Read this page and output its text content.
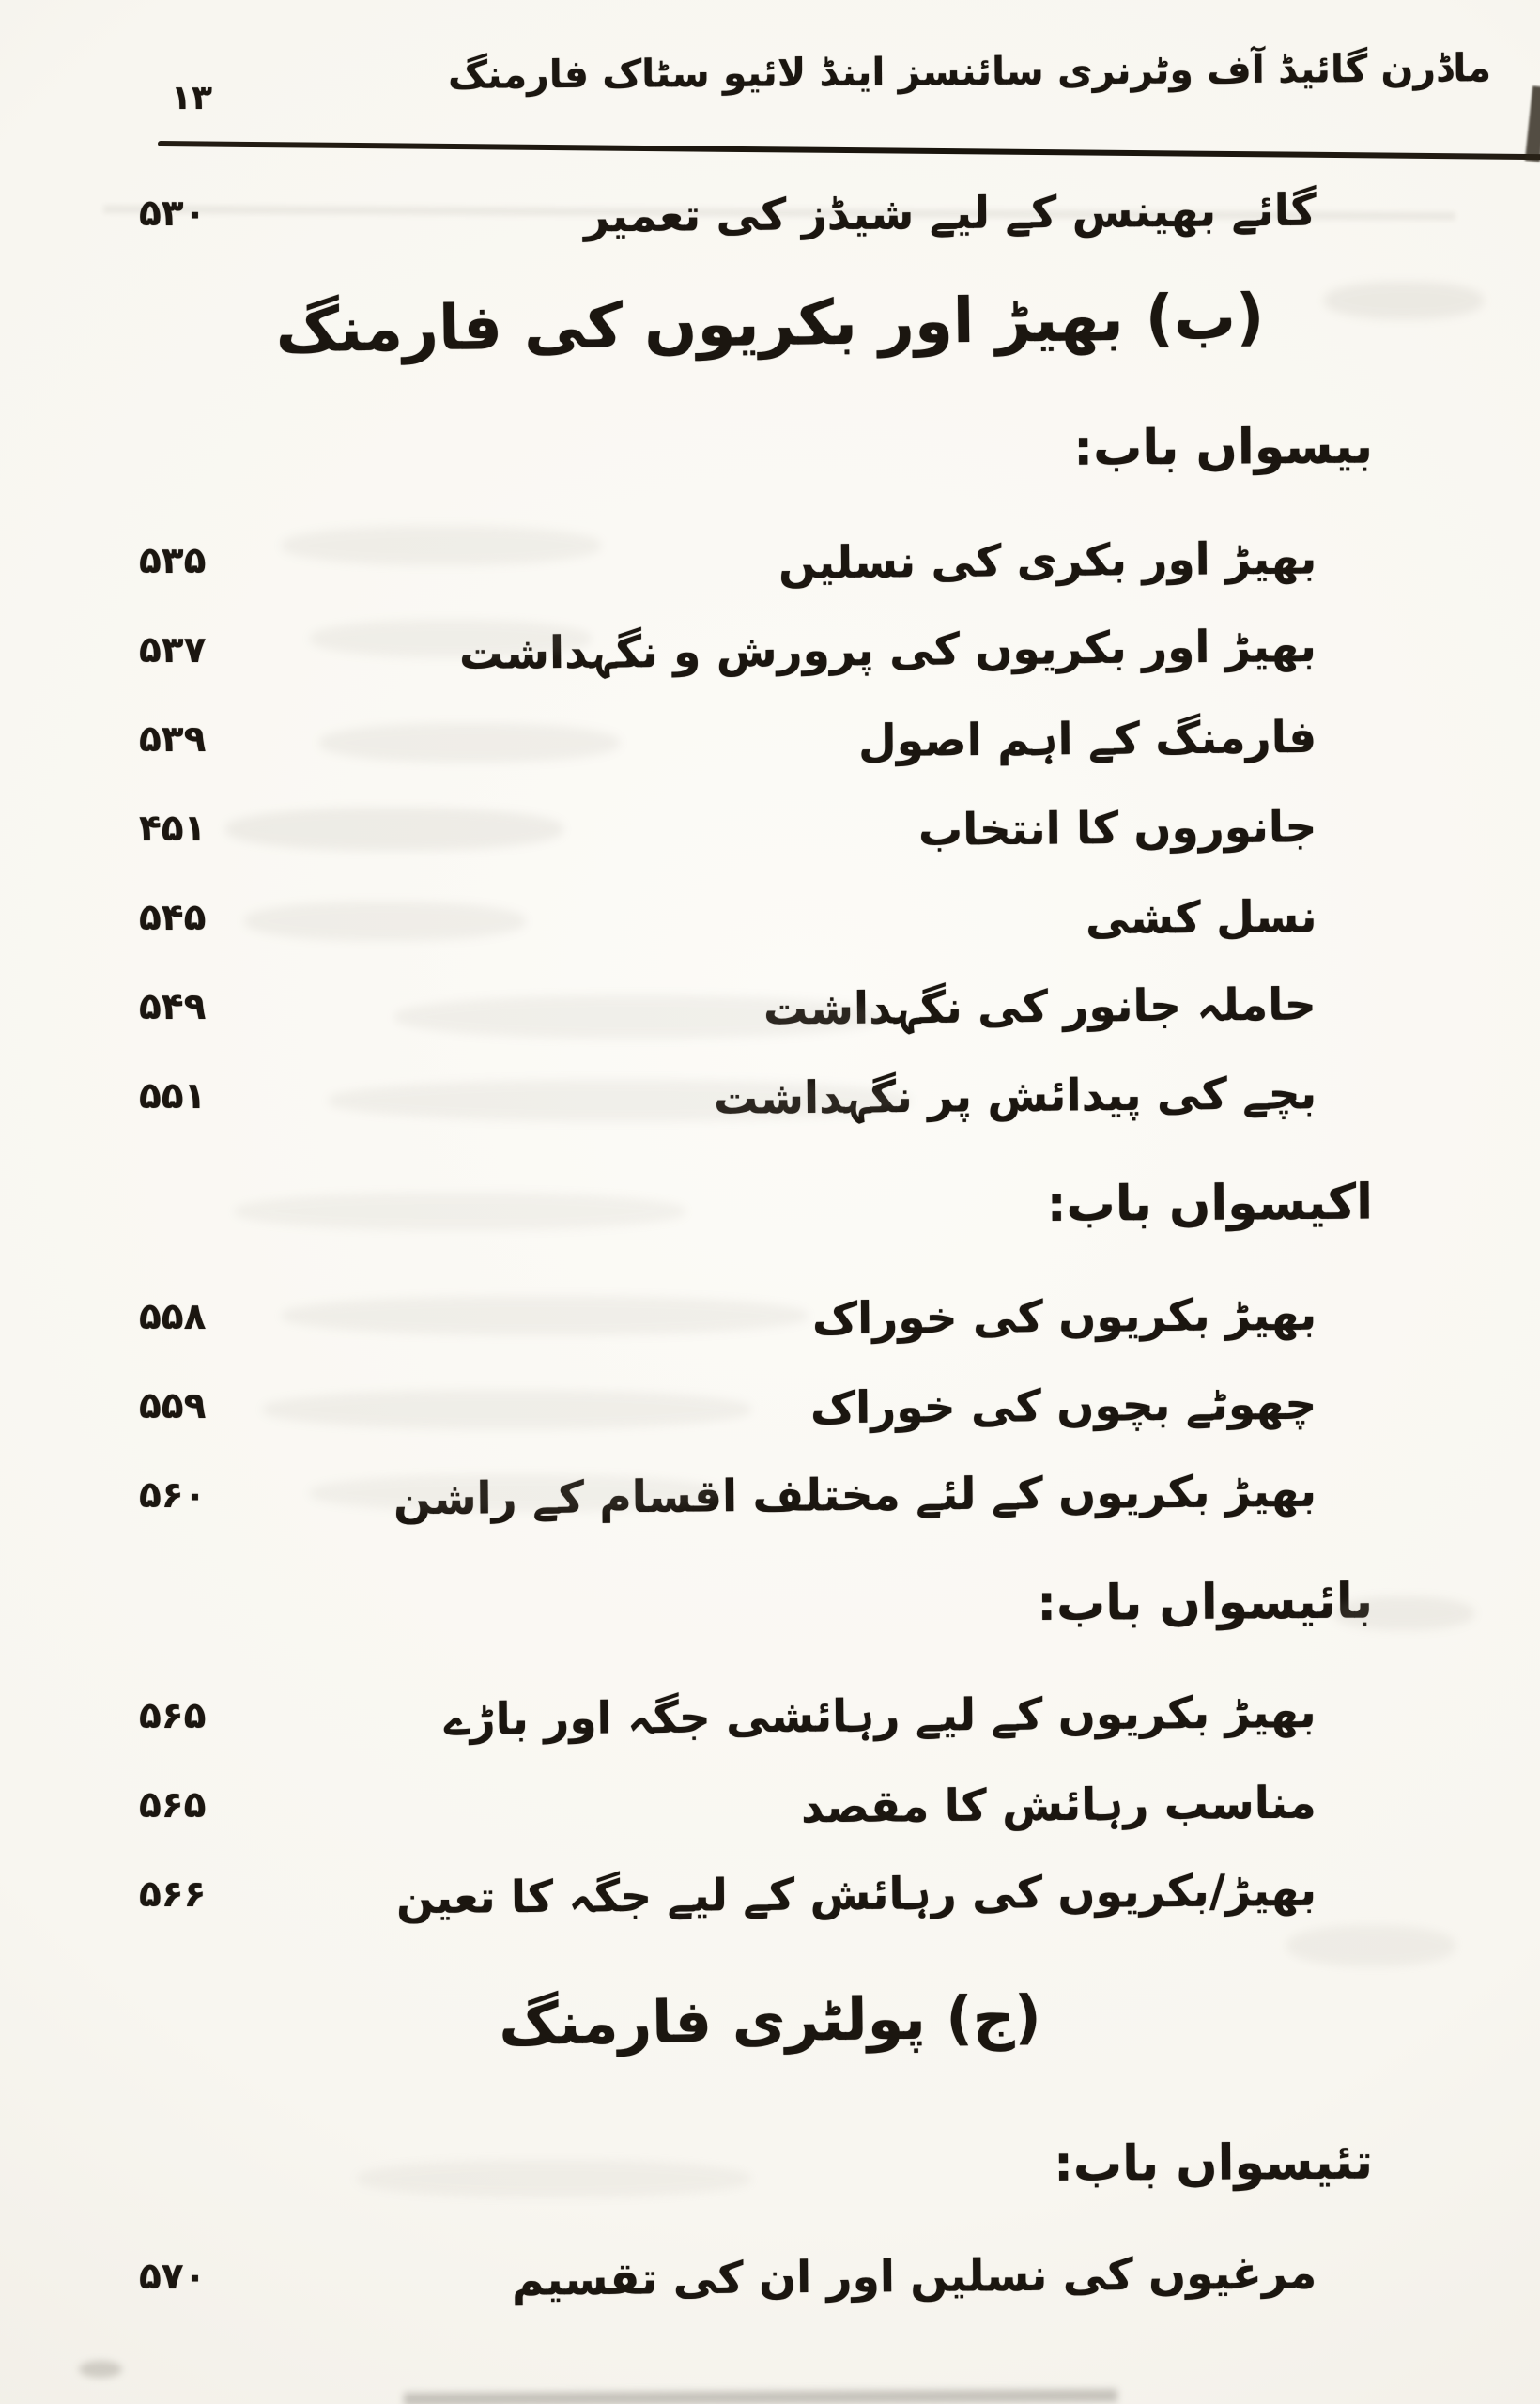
ماڈرن گائیڈ آف وٹرنری سائنسز اینڈ لائیو سٹاک فارمنگ
۱۳
گائے بھینس کے لیے شیڈز کی تعمیر
۵۳۰
(ب) بھیڑ اور بکریوں کی فارمنگ
بیسواں باب:
بھیڑ اور بکری کی نسلیں
۵۳۵
بھیڑ اور بکریوں کی پرورش و نگہداشت
۵۳۷
فارمنگ کے اہم اصول
۵۳۹
جانوروں کا انتخاب
۴۵۱
نسل کشی
۵۴۵
حاملہ جانور کی نگہداشت
۵۴۹
بچے کی پیدائش پر نگہداشت
۵۵۱
اکیسواں باب:
بھیڑ بکریوں کی خوراک
۵۵۸
چھوٹے بچوں کی خوراک
۵۵۹
بھیڑ بکریوں کے لئے مختلف اقسام کے راشن
۵۶۰
بائیسواں باب:
بھیڑ بکریوں کے لیے رہائشی جگہ اور باڑے
۵۶۵
مناسب رہائش کا مقصد
۵۶۵
بھیڑ/بکریوں کی رہائش کے لیے جگہ کا تعین
۵۶۶
(ج) پولٹری فارمنگ
تئیسواں باب:
مرغیوں کی نسلیں اور ان کی تقسیم
۵۷۰
